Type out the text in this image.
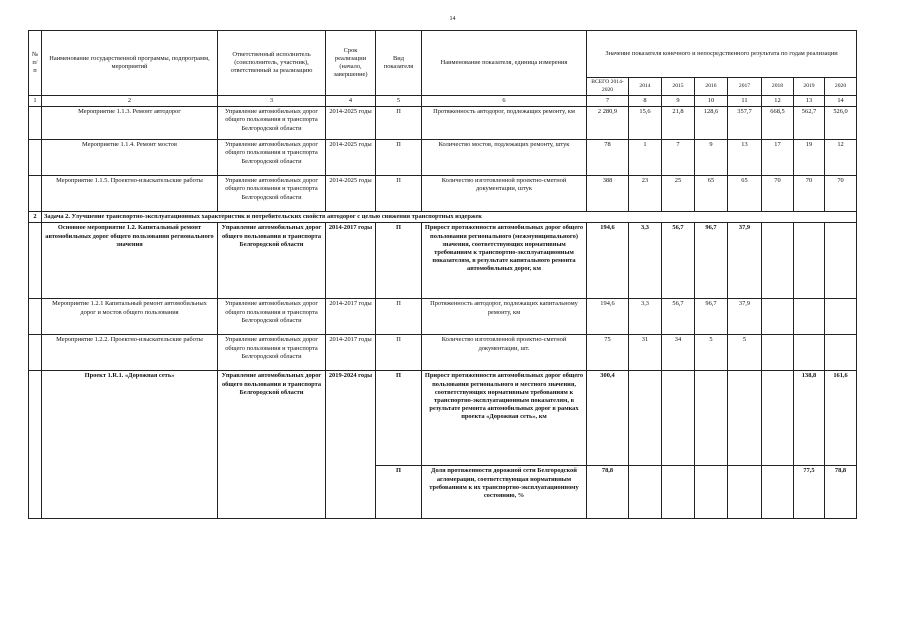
14
№ п/п	Наименование государственной программы, подпрограмм, мероприятий	Ответственный исполнитель (соисполнитель, участник), ответственный за реализацию	Срок реализации (начало, завершение)	Вид показателя	Наименование показателя, единица измерения	Значение показателя конечного и непосредственного результата по годам реализации							
						ВСЕГО 2014-2020	2014	2015	2016	2017	2018	2019	2020
1	2	3	4	5	6	7	8	9	10	11	12	13	14
	Мероприятие 1.1.3. Ремонт автодорог	Управление автомобильных дорог общего пользования и транспорта Белгородской области	2014-2025 годы	П	Протяженность автодорог, подлежащих ремонту, км	2 280,9	15,6	21,8	128,6	357,7	668,5	562,7	526,0
	Мероприятие 1.1.4. Ремонт мостов	Управление автомобильных дорог общего пользования и транспорта Белгородской области	2014-2025 годы	П	Количество мостов, подлежащих ремонту, штук	78	1	7	9	13	17	19	12
	Мероприятие 1.1.5. Проектно-изыскательские работы	Управление автомобильных дорог общего пользования и транспорта Белгородской области	2014-2025 годы	П	Количество изготовленной проектно-сметной документации, штук	388	23	25	65	65	70	70	70
2	Задача 2. Улучшение транспортно-эксплуатационных характеристик и потребительских свойств автодорог с целью снижения транспортных издержек												
	Основное мероприятие 1.2. Капитальный ремонт автомобильных дорог общего пользования регионального значения	Управление автомобильных дорог общего пользования и транспорта Белгородской области	2014-2017 годы	П	Прирост протяженности автомобильных дорог общего пользования регионального (межмуниципального) значения, соответствующих нормативным требованиям к транспортно-эксплуатационным показателям, в результате капитального ремонта автомобильных дорог, км	194,6	3,3	56,7	96,7	37,9			
	Мероприятие 1.2.1 Капитальный ремонт автомобильных дорог и мостов общего пользования	Управление автомобильных дорог общего пользования и транспорта Белгородской области	2014-2017 годы	П	Протяженность автодорог, подлежащих капитальному ремонту, км	194,6	3,3	56,7	96,7	37,9			
	Мероприятие 1.2.2. Проектно-изыскательские работы	Управление автомобильных дорог общего пользования и транспорта Белгородской области	2014-2017 годы	П	Количество изготовленной проектно-сметной документации, шт.	75	31	34	5	5			
	Проект 1.R.1. «Дорожная сеть»	Управление автомобильных дорог общего пользования и транспорта Белгородской области	2019-2024 годы	П	Прирост протяженности автомобильных дорог общего пользования регионального и местного значения, соответствующих нормативным требованиям к транспортно-эксплуатационным показателям, в результате ремонта автомобильных дорог в рамках проекта «Дорожная сеть», км	300,4						138,8	161,6
				П	Доля протяженности дорожной сети Белгородской агломерации, соответствующая нормативным требованиям к их транспортно-эксплуатационному состоянию, %	78,8						77,5	78,8
